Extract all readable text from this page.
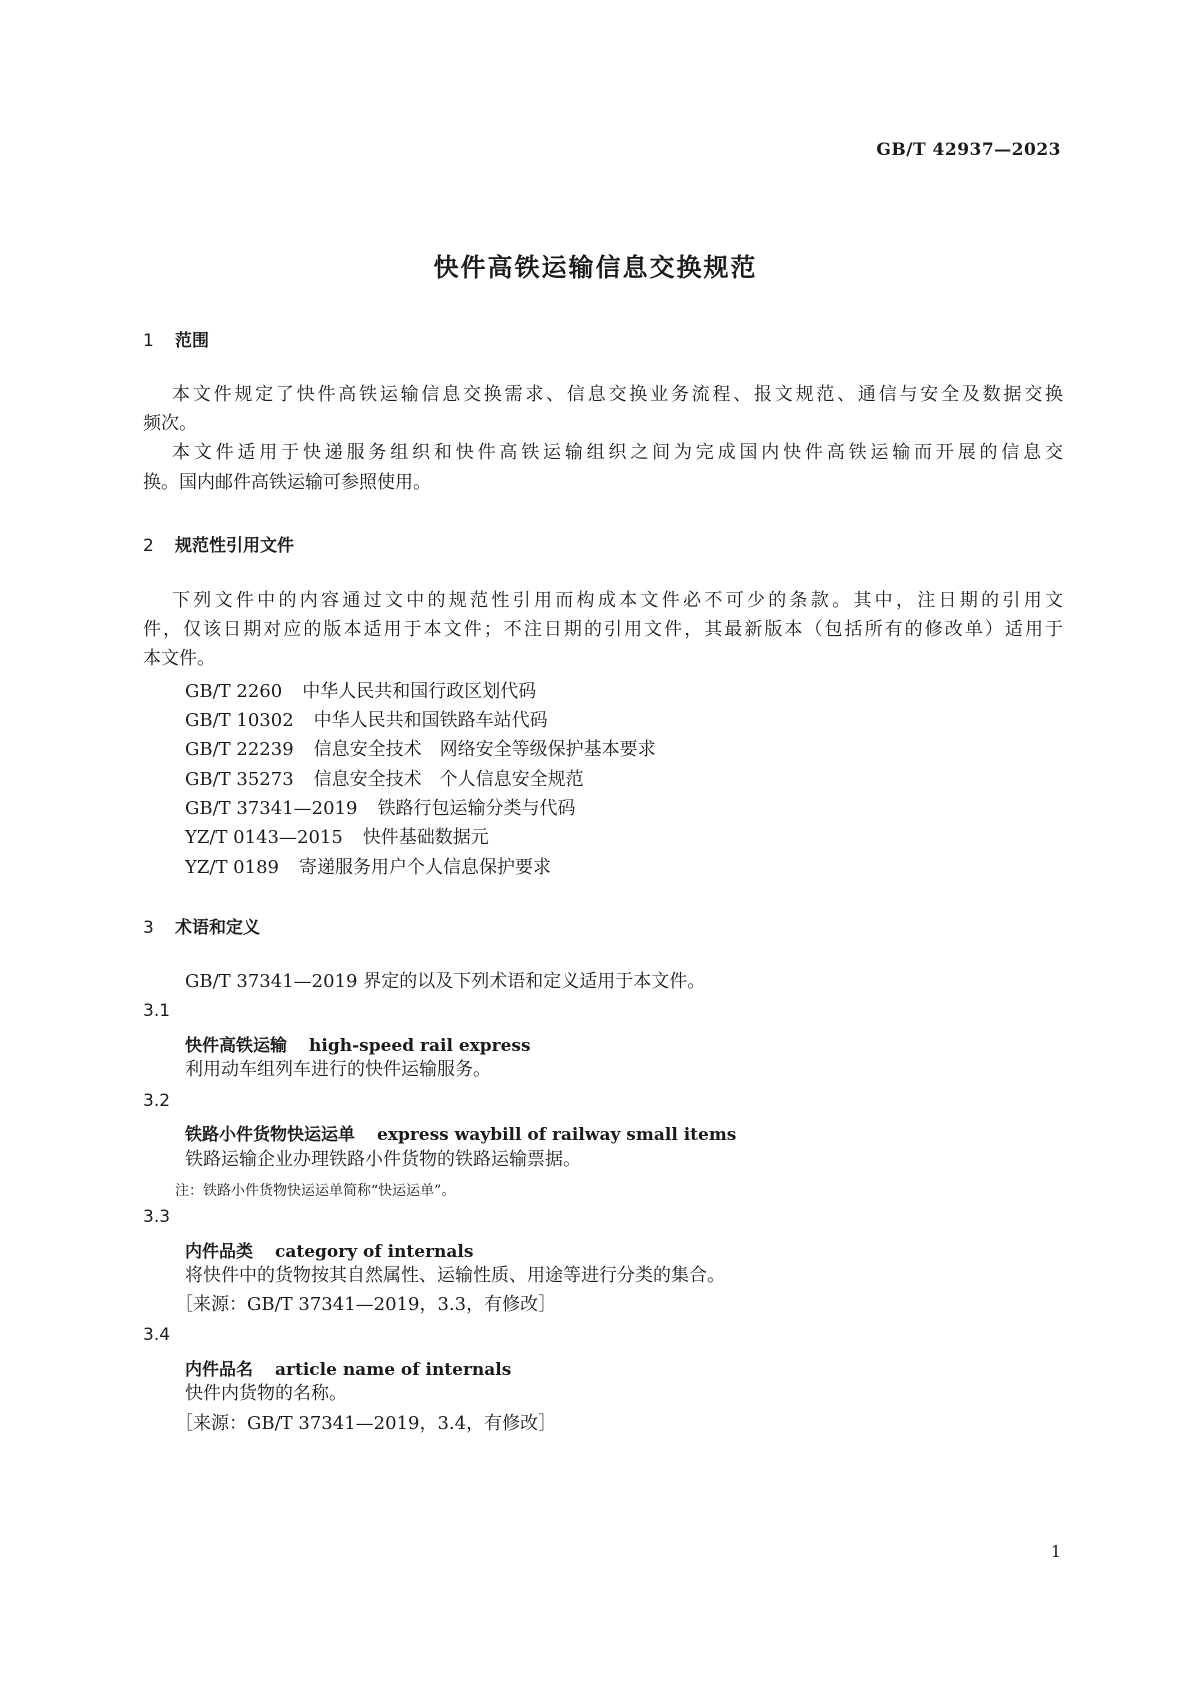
GB/T 42937—2023
快件高铁运输信息交换规范
1 范围
本文件规定了快件高铁运输信息交换需求、信息交换业务流程、报文规范、通信与安全及数据交换
频次。
本文件适用于快递服务组织和快件高铁运输组织之间为完成国内快件高铁运输而开展的信息交
换。国内邮件高铁运输可参照使用。
2 规范性引用文件
下列文件中的内容通过文中的规范性引用而构成本文件必不可少的条款。其中，注日期的引用文
件，仅该日期对应的版本适用于本文件；不注日期的引用文件，其最新版本（包括所有的修改单）适用于
本文件。
GB/T 2260 中华人民共和国行政区划代码
GB/T 10302 中华人民共和国铁路车站代码
GB/T 22239 信息安全技术　网络安全等级保护基本要求
GB/T 35273 信息安全技术　个人信息安全规范
GB/T 37341—2019 铁路行包运输分类与代码
YZ/T 0143—2015 快件基础数据元
YZ/T 0189 寄递服务用户个人信息保护要求
3 术语和定义
GB/T 37341—2019 界定的以及下列术语和定义适用于本文件。
3.1
快件高铁运输 high-speed rail express
利用动车组列车进行的快件运输服务。
3.2
铁路小件货物快运运单 express waybill of railway small items
铁路运输企业办理铁路小件货物的铁路运输票据。
注：铁路小件货物快运运单简称“快运运单”。
3.3
内件品类 category of internals
将快件中的货物按其自然属性、运输性质、用途等进行分类的集合。
［来源：GB/T 37341—2019，3.3，有修改］
3.4
内件品名 article name of internals
快件内货物的名称。
［来源：GB/T 37341—2019，3.4，有修改］
1
